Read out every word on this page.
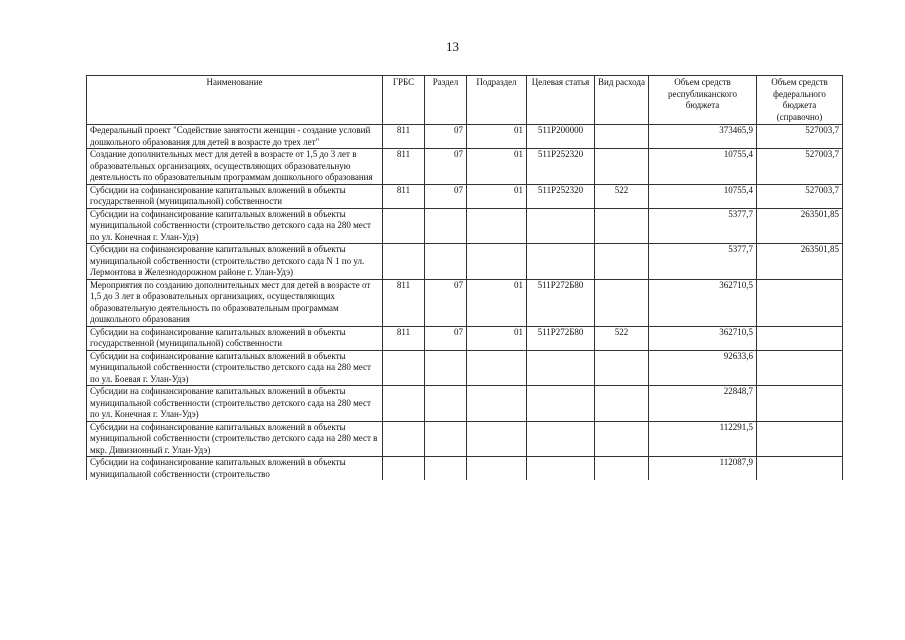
13
Наименование	ГРБС	Раздел	Подраздел	Целевая статья	Вид расхода	Объем средств республиканского бюджета	Объем средств федерального бюджета (справочно)
Федеральный проект "Содействие занятости женщин - создание условий дошкольного образования для детей в возрасте до трех лет"	811	07	01	511P200000		373465,9	527003,7
Создание дополнительных мест для детей в возрасте от 1,5 до 3 лет в образовательных организациях, осуществляющих образовательную деятельность по образовательным программам дошкольного образования	811	07	01	511P252320		10755,4	527003,7
Субсидии на софинансирование капитальных вложений в объекты государственной (муниципальной) собственности	811	07	01	511P252320	522	10755,4	527003,7
Субсидии на софинансирование капитальных вложений в объекты муниципальной собственности (строительство детского сада на 280 мест по ул. Конечная г. Улан-Удэ)						5377,7	263501,85
Субсидии на софинансирование капитальных вложений в объекты муниципальной собственности (строительство детского сада N 1 по ул. Лермонтова в Железнодорожном районе г. Улан-Удэ)						5377,7	263501,85
Мероприятия по созданию дополнительных мест для детей в возрасте от 1,5 до 3 лет в образовательных организациях, осуществляющих образовательную деятельность по образовательным программам дошкольного образования	811	07	01	511P272Б80		362710,5	
Субсидии на софинансирование капитальных вложений в объекты государственной (муниципальной) собственности	811	07	01	511P272Б80	522	362710,5	
Субсидии на софинансирование капитальных вложений в объекты муниципальной собственности (строительство детского сада на 280 мест по ул. Боевая г. Улан-Удэ)						92633,6	
Субсидии на софинансирование капитальных вложений в объекты муниципальной собственности (строительство детского сада на 280 мест по ул. Конечная г. Улан-Удэ)						22848,7	
Субсидии на софинансирование капитальных вложений в объекты муниципальной собственности (строительство детского сада на 280 мест в мкр. Дивизионный г. Улан-Удэ)						112291,5	
Субсидии на софинансирование капитальных вложений в объекты муниципальной собственности (строительство						112087,9	
